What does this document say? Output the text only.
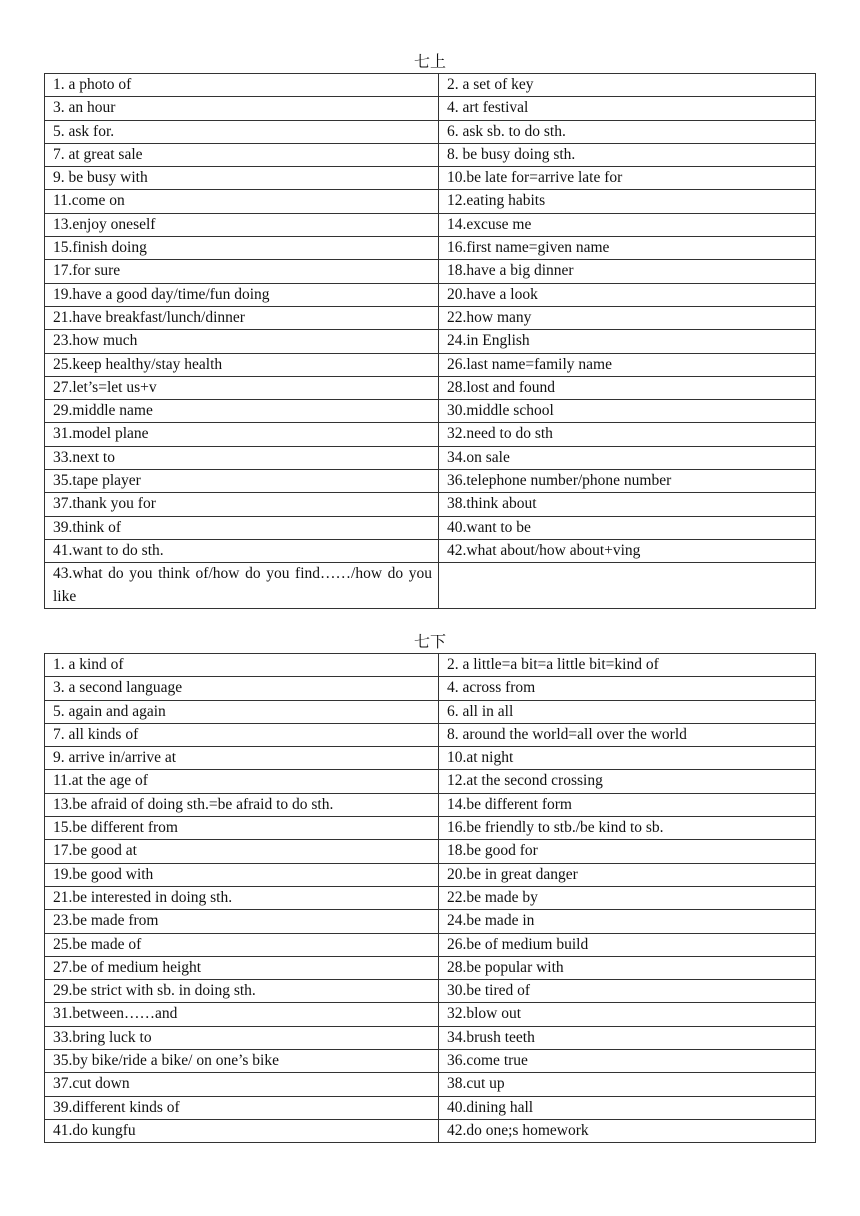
七上
1. a photo of	2. a set of key
3. an hour	4. art festival
5. ask for.	6. ask sb. to do sth.
7. at great sale	8. be busy doing sth.
9. be busy with	10.be late for=arrive late for
11.come on	12.eating habits
13.enjoy oneself	14.excuse me
15.finish doing	16.first name=given name
17.for sure	18.have a big dinner
19.have a good day/time/fun doing	20.have a look
21.have breakfast/lunch/dinner	22.how many
23.how much	24.in English
25.keep healthy/stay health	26.last name=family name
27.let’s=let us+v	28.lost and found
29.middle name	30.middle school
31.model plane	32.need to do sth
33.next to	34.on sale
35.tape player	36.telephone number/phone number
37.thank you for	38.think about
39.think of	40.want to be
41.want to do sth.	42.what about/how about+ving
43.what do you think of/how do you find……/how do you like	
七下
1. a kind of	2. a little=a bit=a little bit=kind of
3. a second language	4. across from
5. again and again	6. all in all
7. all kinds of	8. around the world=all over the world
9. arrive in/arrive at	10.at night
11.at the age of	12.at the second crossing
13.be afraid of doing sth.=be afraid to do sth.	14.be different form
15.be different from	16.be friendly to stb./be kind to sb.
17.be good at	18.be good for
19.be good with	20.be in great danger
21.be interested in doing sth.	22.be made by
23.be made from	24.be made in
25.be made of	26.be of medium build
27.be of medium height	28.be popular with
29.be strict with sb. in doing sth.	30.be tired of
31.between……and	32.blow out
33.bring luck to	34.brush teeth
35.by bike/ride a bike/ on one’s bike	36.come true
37.cut down	38.cut up
39.different kinds of	40.dining hall
41.do kungfu	42.do one;s homework
